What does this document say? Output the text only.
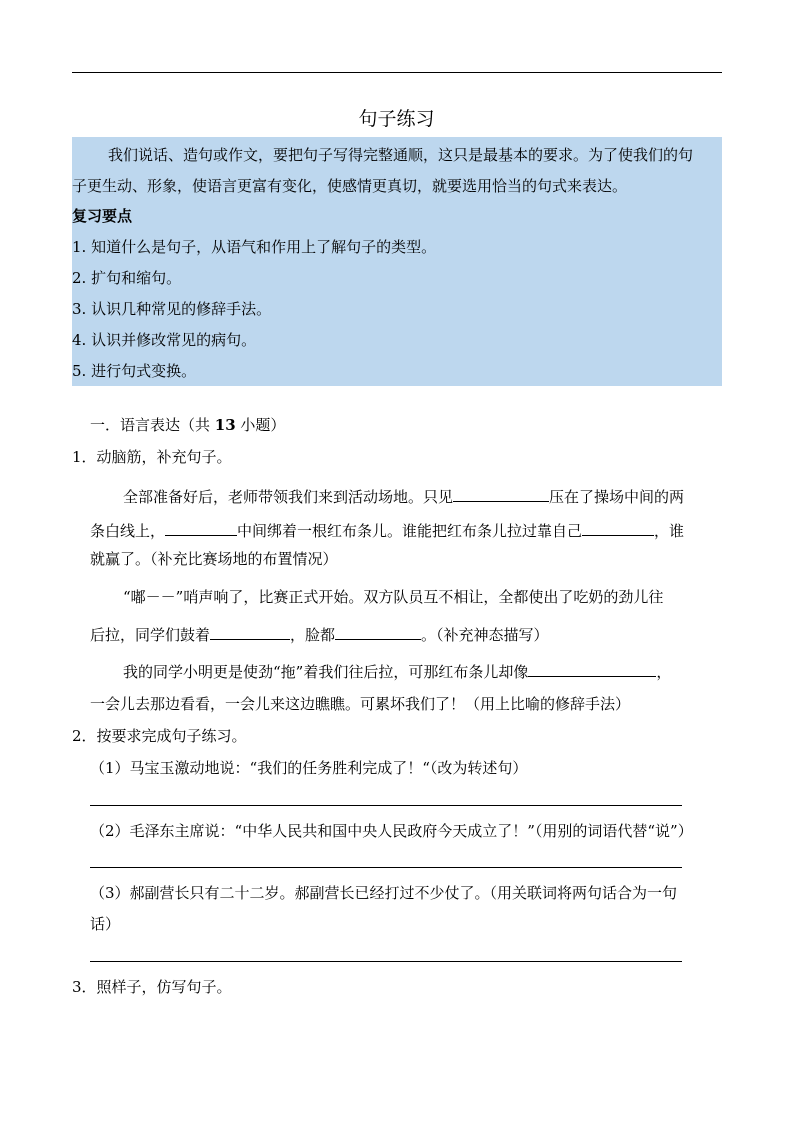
句子练习
我们说话、造句或作文，要把句子写得完整通顺，这只是最基本的要求。为了使我们的句
子更生动、形象，使语言更富有变化，使感情更真切，就要选用恰当的句式来表达。
复习要点
1. 知道什么是句子，从语气和作用上了解句子的类型。
2. 扩句和缩句。
3. 认识几种常见的修辞手法。
4. 认识并修改常见的病句。
5. 进行句式变换。
一．语言表达（共 13 小题）
1．动脑筋，补充句子。
全部准备好后，老师带领我们来到活动场地。只见	压在了操场中间的两
条白线上，	中间绑着一根红布条儿。谁能把红布条儿拉过靠自己	，谁
就赢了。（补充比赛场地的布置情况）
“嘟－－”哨声响了，比赛正式开始。双方队员互不相让，全都使出了吃奶的劲儿往
后拉，同学们鼓着	，脸都	。（补充神态描写）
我的同学小明更是使劲“拖”着我们往后拉，可那红布条儿却像	，
一会儿去那边看看，一会儿来这边瞧瞧。可累坏我们了！（用上比喻的修辞手法）
2．按要求完成句子练习。
（1）马宝玉激动地说：“我们的任务胜利完成了！“（改为转述句）
（2）毛泽东主席说：“中华人民共和国中央人民政府今天成立了！”（用别的词语代替“说”）
（3）郝副营长只有二十二岁。郝副营长已经打过不少仗了。（用关联词将两句话合为一句
话）
3．照样子，仿写句子。
